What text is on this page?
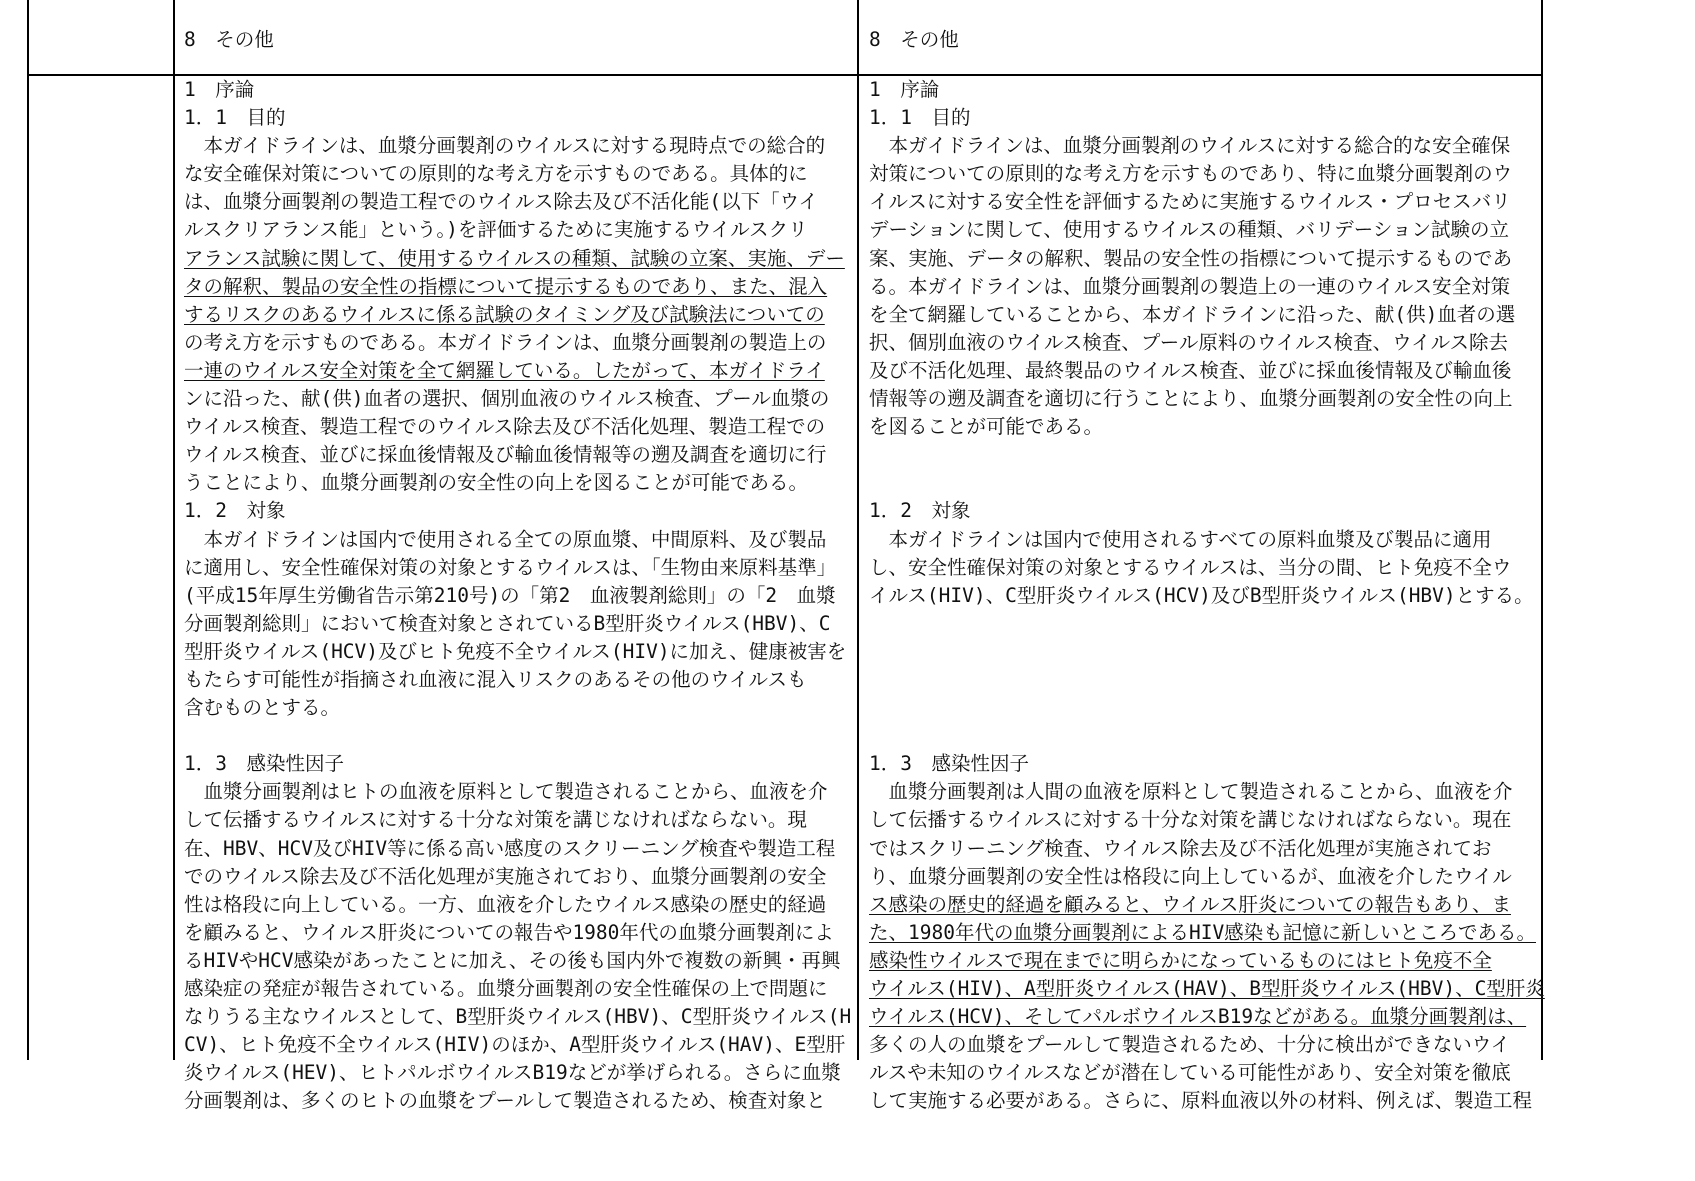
8　その他	8　その他
1　序論
1．1　目的
　本ガイドラインは、血漿分画製剤のウイルスに対する現時点での総合的
な安全確保対策についての原則的な考え方を示すものである。具体的に
は、血漿分画製剤の製造工程でのウイルス除去及び不活化能(以下「ウイ
ルスクリアランス能」という。)を評価するために実施するウイルスクリ
アランス試験に関して、使用するウイルスの種類、試験の立案、実施、デー
タの解釈、製品の安全性の指標について提示するものであり、また、混入
するリスクのあるウイルスに係る試験のタイミング及び試験法についての
の考え方を示すものである。本ガイドラインは、血漿分画製剤の製造上の
一連のウイルス安全対策を全て網羅している。したがって、本ガイドライ
ンに沿った、献(供)血者の選択、個別血液のウイルス検査、プール血漿の
ウイルス検査、製造工程でのウイルス除去及び不活化処理、製造工程での
ウイルス検査、並びに採血後情報及び輸血後情報等の遡及調査を適切に行
うことにより、血漿分画製剤の安全性の向上を図ることが可能である。
1．2　対象
　本ガイドラインは国内で使用される全ての原血漿、中間原料、及び製品
に適用し、安全性確保対策の対象とするウイルスは、「生物由来原料基準」
(平成15年厚生労働省告示第210号)の「第2　血液製剤総則」の「2　血漿
分画製剤総則」において検査対象とされているB型肝炎ウイルス(HBV)、C
型肝炎ウイルス(HCV)及びヒト免疫不全ウイルス(HIV)に加え、健康被害を
もたらす可能性が指摘され血液に混入リスクのあるその他のウイルスも
含むものとする。
1．3　感染性因子
　血漿分画製剤はヒトの血液を原料として製造されることから、血液を介
して伝播するウイルスに対する十分な対策を講じなければならない。現
在、HBV、HCV及びHIV等に係る高い感度のスクリーニング検査や製造工程
でのウイルス除去及び不活化処理が実施されており、血漿分画製剤の安全
性は格段に向上している。一方、血液を介したウイルス感染の歴史的経過
を顧みると、ウイルス肝炎についての報告や1980年代の血漿分画製剤によ
るHIVやHCV感染があったことに加え、その後も国内外で複数の新興・再興
感染症の発症が報告されている。血漿分画製剤の安全性確保の上で問題に
なりうる主なウイルスとして、B型肝炎ウイルス(HBV)、C型肝炎ウイルス(H
CV)、ヒト免疫不全ウイルス(HIV)のほか、A型肝炎ウイルス(HAV)、E型肝
炎ウイルス(HEV)、ヒトパルボウイルスB19などが挙げられる。さらに血漿
分画製剤は、多くのヒトの血漿をプールして製造されるため、検査対象と
1　序論
1．1　目的
　本ガイドラインは、血漿分画製剤のウイルスに対する総合的な安全確保
対策についての原則的な考え方を示すものであり、特に血漿分画製剤のウ
イルスに対する安全性を評価するために実施するウイルス・プロセスバリ
デーションに関して、使用するウイルスの種類、バリデーション試験の立
案、実施、データの解釈、製品の安全性の指標について提示するものであ
る。本ガイドラインは、血漿分画製剤の製造上の一連のウイルス安全対策
を全て網羅していることから、本ガイドラインに沿った、献(供)血者の選
択、個別血液のウイルス検査、プール原料のウイルス検査、ウイルス除去
及び不活化処理、最終製品のウイルス検査、並びに採血後情報及び輸血後
情報等の遡及調査を適切に行うことにより、血漿分画製剤の安全性の向上
を図ることが可能である。
1．2　対象
　本ガイドラインは国内で使用されるすべての原料血漿及び製品に適用
し、安全性確保対策の対象とするウイルスは、当分の間、ヒト免疫不全ウ
イルス(HIV)、C型肝炎ウイルス(HCV)及びB型肝炎ウイルス(HBV)とする。
1．3　感染性因子
　血漿分画製剤は人間の血液を原料として製造されることから、血液を介
して伝播するウイルスに対する十分な対策を講じなければならない。現在
ではスクリーニング検査、ウイルス除去及び不活化処理が実施されてお
り、血漿分画製剤の安全性は格段に向上しているが、血液を介したウイル
ス感染の歴史的経過を顧みると、ウイルス肝炎についての報告もあり、ま
た、1980年代の血漿分画製剤によるHIV感染も記憶に新しいところである。
感染性ウイルスで現在までに明らかになっているものにはヒト免疫不全
ウイルス(HIV)、A型肝炎ウイルス(HAV)、B型肝炎ウイルス(HBV)、C型肝炎
ウイルス(HCV)、そしてパルボウイルスB19などがある。血漿分画製剤は、
多くの人の血漿をプールして製造されるため、十分に検出ができないウイ
ルスや未知のウイルスなどが潜在している可能性があり、安全対策を徹底
して実施する必要がある。さらに、原料血液以外の材料、例えば、製造工程
